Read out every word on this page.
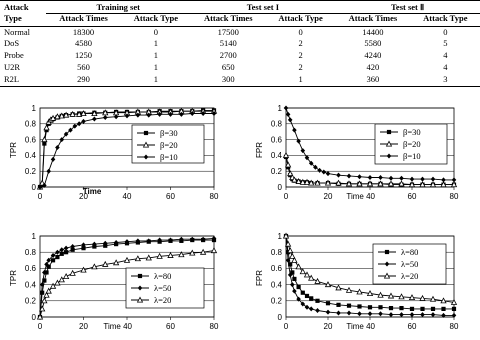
Attack	Training set		Test set I		Test set Ⅱ	
Type	Attack Times	Attack Type	Attack Times	Attack Type	Attack Times	Attack Type
Normal	18300	0	17500	0	14400	0
DoS	4580	1	5140	2	5580	5
Probe	1250	1	2700	2	4240	4
U2R	560	1	650	2	420	4
R2L	290	1	300	1	360	3
0
0.2
0.4
0.6
0.8
1
0	20	40	60	80
TPR
Time
β=30
β=20
β=10
0
0.2
0.4
0.6
0.8
1
0	20 Time 40	60	80
FPR
β=30
β=20
β=10
0
0.2
0.4
0.6
0.8
1
0	20 Time 40	60	80
TPR	λ=80
λ=50
λ=20
0
0.2
0.4
0.6
0.8
1
0	20 Time 40	60	80
FPR
λ=80
λ=50
λ=20
